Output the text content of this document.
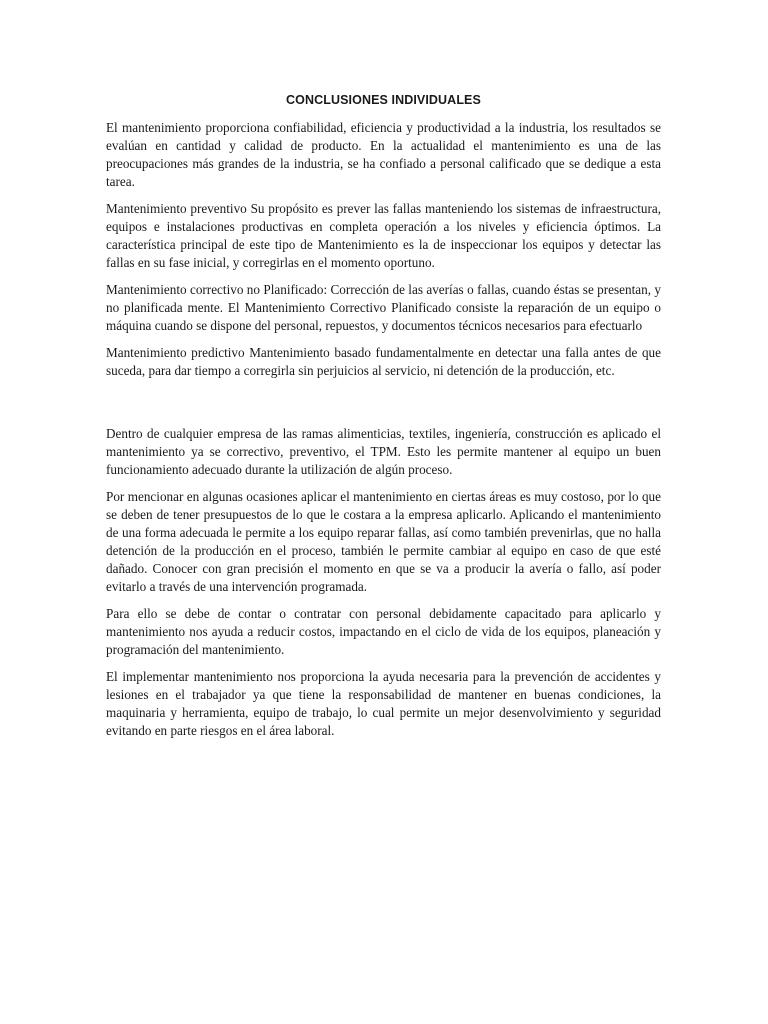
CONCLUSIONES INDIVIDUALES

El mantenimiento proporciona confiabilidad, eficiencia y productividad a la industria, los resultados se evalúan en cantidad y calidad de producto. En la actualidad el mantenimiento es una de las preocupaciones más grandes de la industria, se ha confiado a personal calificado que se dedique a esta tarea.

Mantenimiento preventivo Su propósito es prever las fallas manteniendo los sistemas de infraestructura, equipos e instalaciones productivas en completa operación a los niveles y eficiencia óptimos. La característica principal de este tipo de Mantenimiento es la de inspeccionar los equipos y detectar las fallas en su fase inicial, y corregirlas en el momento oportuno.

Mantenimiento correctivo no Planificado: Corrección de las averías o fallas, cuando éstas se presentan, y no planificada mente. El Mantenimiento Correctivo Planificado consiste la reparación de un equipo o máquina cuando se dispone del personal, repuestos, y documentos técnicos necesarios para efectuarlo

Mantenimiento predictivo Mantenimiento basado fundamentalmente en detectar una falla antes de que suceda, para dar tiempo a corregirla sin perjuicios al servicio, ni detención de la producción, etc.

Dentro de cualquier empresa de las ramas alimenticias, textiles, ingeniería, construcción es aplicado el mantenimiento ya se correctivo, preventivo, el TPM. Esto les permite mantener al equipo un buen funcionamiento adecuado durante la utilización de algún proceso.

Por mencionar en algunas ocasiones aplicar el mantenimiento en ciertas áreas es muy costoso, por lo que se deben de tener presupuestos de lo que le costara a la empresa aplicarlo. Aplicando el mantenimiento de una forma adecuada le permite a los equipo reparar fallas, así como también prevenirlas, que no halla detención de la producción en el proceso, también le permite cambiar al equipo en caso de que esté dañado. Conocer con gran precisión el momento en que se va a producir la avería o fallo, así poder evitarlo a través de una intervención programada.

Para ello se debe de contar o contratar con personal debidamente capacitado para aplicarlo y mantenimiento nos ayuda a reducir costos, impactando en el ciclo de vida de los equipos, planeación y programación del mantenimiento.

El implementar mantenimiento nos proporciona la ayuda necesaria para la prevención de accidentes y lesiones en el trabajador ya que tiene la responsabilidad de mantener en buenas condiciones, la maquinaria y herramienta, equipo de trabajo, lo cual permite un mejor desenvolvimiento y seguridad evitando en parte riesgos en el área laboral.
